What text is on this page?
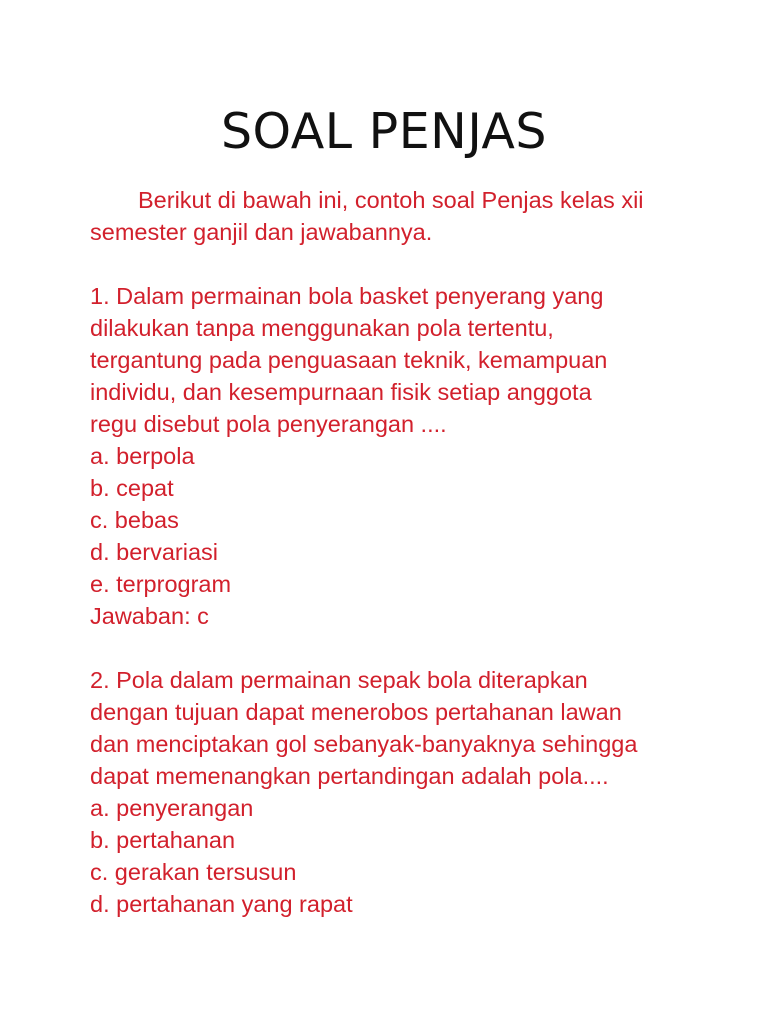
SOAL PENJAS
Berikut di bawah ini, contoh soal Penjas kelas xii
semester ganjil dan jawabannya.
1. Dalam permainan bola basket penyerang yang
dilakukan tanpa menggunakan pola tertentu,
tergantung pada penguasaan teknik, kemampuan
individu, dan kesempurnaan fisik setiap anggota
regu disebut pola penyerangan ....
a. berpola
b. cepat
c. bebas
d. bervariasi
e. terprogram
Jawaban: c
2. Pola dalam permainan sepak bola diterapkan
dengan tujuan dapat menerobos pertahanan lawan
dan menciptakan gol sebanyak-banyaknya sehingga
dapat memenangkan pertandingan adalah pola....
a. penyerangan
b. pertahanan
c. gerakan tersusun
d. pertahanan yang rapat
